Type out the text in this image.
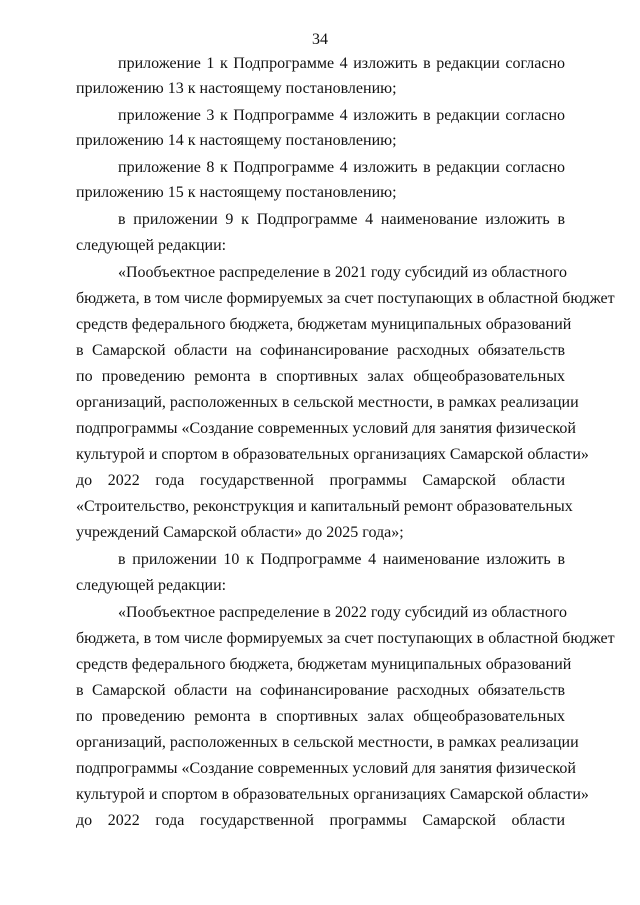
34
приложение 1 к Подпрограмме 4 изложить в редакции согласно
приложению 13 к настоящему постановлению;
приложение 3 к Подпрограмме 4 изложить в редакции согласно
приложению 14 к настоящему постановлению;
приложение 8 к Подпрограмме 4 изложить в редакции согласно
приложению 15 к настоящему постановлению;
в приложении 9 к Подпрограмме 4 наименование изложить в
следующей редакции:
«Пообъектное распределение в 2021 году субсидий из областного
бюджета, в том числе формируемых за счет поступающих в областной бюджет
средств федерального бюджета, бюджетам муниципальных образований
в Самарской области на софинансирование расходных обязательств
по проведению ремонта в спортивных залах общеобразовательных
организаций, расположенных в сельской местности, в рамках реализации
подпрограммы «Создание современных условий для занятия физической
культурой и спортом в образовательных организациях Самарской области»
до 2022 года государственной программы Самарской области
«Строительство, реконструкция и капитальный ремонт образовательных
учреждений Самарской области» до 2025 года»;
в приложении 10 к Подпрограмме 4 наименование изложить в
следующей редакции:
«Пообъектное распределение в 2022 году субсидий из областного
бюджета, в том числе формируемых за счет поступающих в областной бюджет
средств федерального бюджета, бюджетам муниципальных образований
в Самарской области на софинансирование расходных обязательств
по проведению ремонта в спортивных залах общеобразовательных
организаций, расположенных в сельской местности, в рамках реализации
подпрограммы «Создание современных условий для занятия физической
культурой и спортом в образовательных организациях Самарской области»
до 2022 года государственной программы Самарской области
